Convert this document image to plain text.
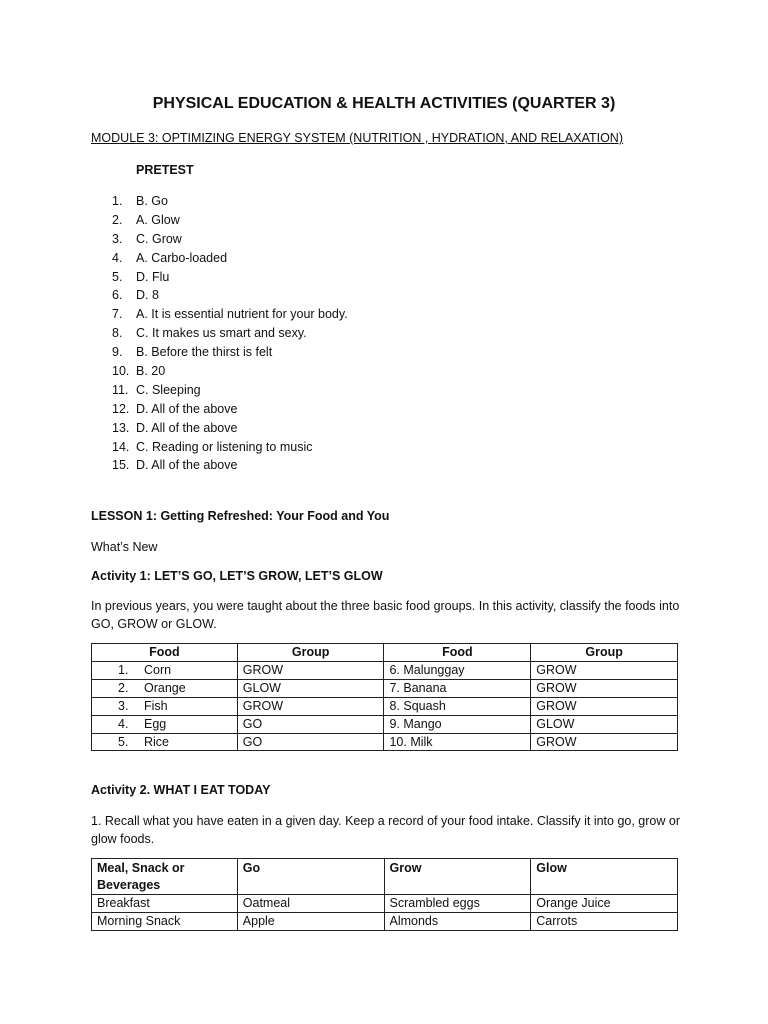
PHYSICAL EDUCATION & HEALTH ACTIVITIES (QUARTER 3)
MODULE 3: OPTIMIZING ENERGY SYSTEM (NUTRITION , HYDRATION, AND RELAXATION)
PRETEST
1.	B. Go
2.	A. Glow
3.	C. Grow
4.	A. Carbo-loaded
5.	D. Flu
6.	D. 8
7.	A. It is essential nutrient for your body.
8.	C. It makes us smart and sexy.
9.	B. Before the thirst is felt
10. B. 20
11. C. Sleeping
12. D. All of the above
13. D. All of the above
14. C. Reading or listening to music
15. D. All of the above
LESSON 1: Getting Refreshed: Your Food and You
What’s New
Activity 1: LET’S GO, LET’S GROW, LET’S GLOW
In previous years, you were taught about the three basic food groups. In this activity, classify the foods into GO, GROW or GLOW.
Food	Group	Food	Group
1. Corn	GROW	6. Malunggay	GROW
2. Orange	GLOW	7. Banana	GROW
3. Fish	GROW	8. Squash	GROW
4. Egg	GO	9. Mango	GLOW
5. Rice	GO	10. Milk	GROW
Activity 2. WHAT I EAT TODAY
1. Recall what you have eaten in a given day. Keep a record of your food intake. Classify it into go, grow or glow foods.
Meal, Snack or Beverages	Go	Grow	Glow
Breakfast	Oatmeal	Scrambled eggs	Orange Juice
Morning Snack	Apple	Almonds	Carrots
